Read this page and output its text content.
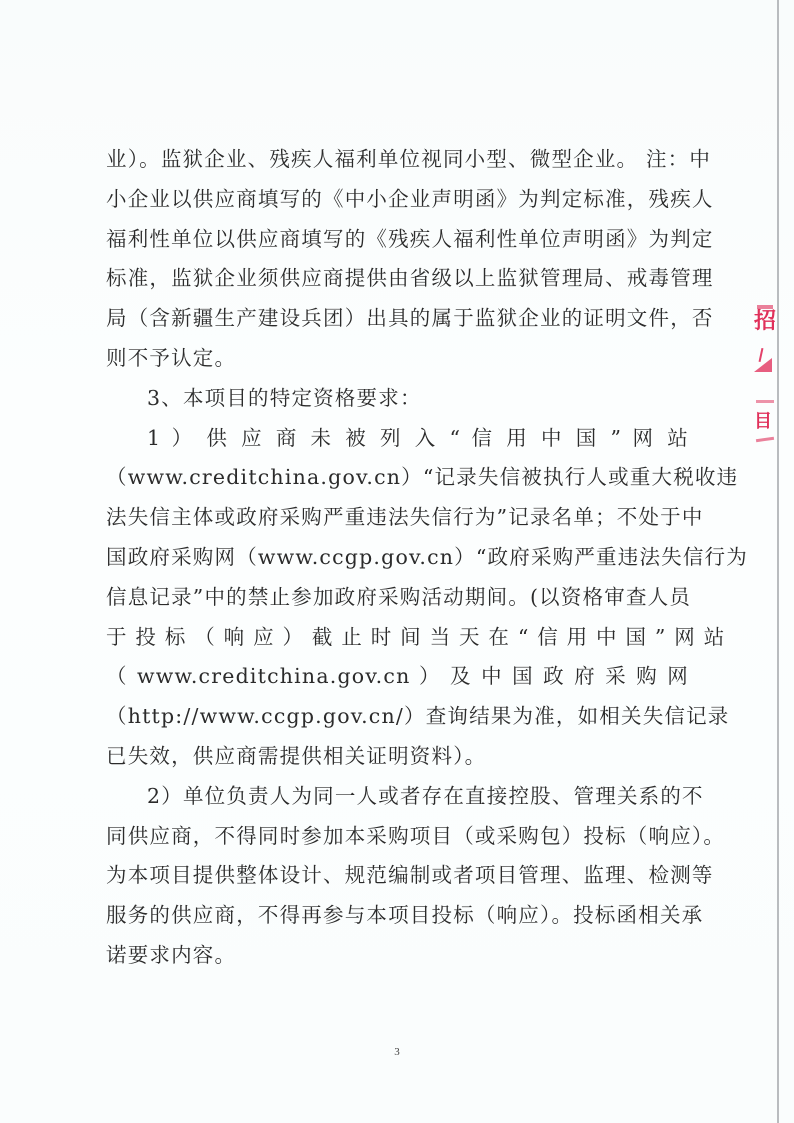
业）。监狱企业、残疾人福利单位视同小型、微型企业。 注：中
小企业以供应商填写的《中小企业声明函》为判定标准，残疾人
福利性单位以供应商填写的《残疾人福利性单位声明函》为判定
标准，监狱企业须供应商提供由省级以上监狱管理局、戒毒管理
局（含新疆生产建设兵团）出具的属于监狱企业的证明文件，否
则不予认定。
3、本项目的特定资格要求：
1 ） 供 应 商 未 被 列 入 “ 信 用 中 国 ” 网 站
（www.creditchina.gov.cn）“记录失信被执行人或重大税收违
法失信主体或政府采购严重违法失信行为”记录名单；不处于中
国政府采购网（www.ccgp.gov.cn）“政府采购严重违法失信行为
信息记录”中的禁止参加政府采购活动期间。(以资格审查人员
于 投 标 （ 响 应 ） 截 止 时 间 当 天 在 “ 信 用 中 国 ” 网 站
（ www.creditchina.gov.cn ） 及 中 国 政 府 采 购 网
（http://www.ccgp.gov.cn/）查询结果为准，如相关失信记录
已失效，供应商需提供相关证明资料）。
2）单位负责人为同一人或者存在直接控股、管理关系的不
同供应商，不得同时参加本采购项目（或采购包）投标（响应）。
为本项目提供整体设计、规范编制或者项目管理、监理、检测等
服务的供应商，不得再参与本项目投标（响应）。投标函相关承
诺要求内容。
招
目
3
